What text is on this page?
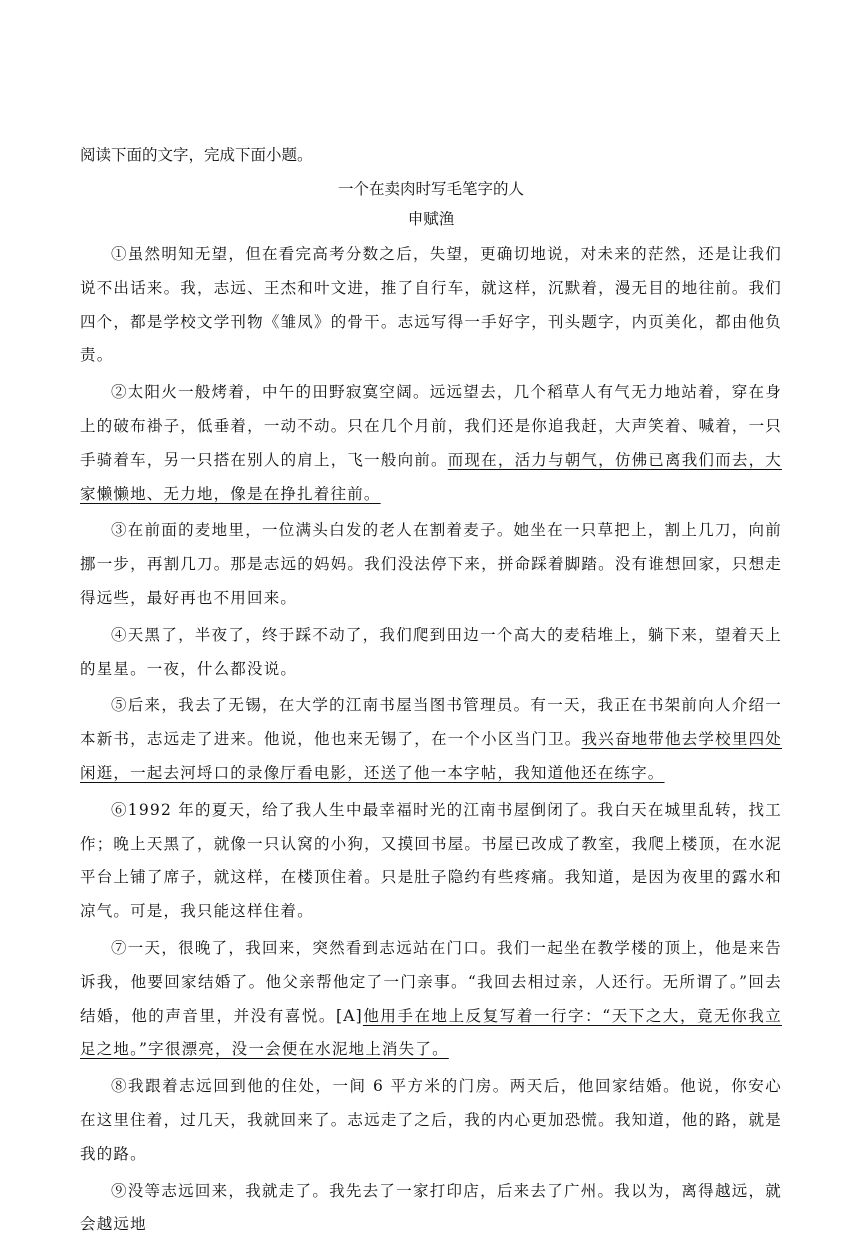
阅读下面的文字，完成下面小题。

一个在卖肉时写毛笔字的人

申赋渔

①虽然明知无望，但在看完高考分数之后，失望，更确切地说，对未来的茫然，还是让我们说不出话来。我，志远、王杰和叶文进，推了自行车，就这样，沉默着，漫无目的地往前。我们四个，都是学校文学刊物《雏凤》的骨干。志远写得一手好字，刊头题字，内页美化，都由他负责。

②太阳火一般烤着，中午的田野寂寞空阔。远远望去，几个稻草人有气无力地站着，穿在身上的破布褂子，低垂着，一动不动。只在几个月前，我们还是你追我赶，大声笑着、喊着，一只手骑着车，另一只搭在别人的肩上，飞一般向前。而现在，活力与朝气，仿佛已离我们而去，大家懒懒地、无力地，像是在挣扎着往前。

③在前面的麦地里，一位满头白发的老人在割着麦子。她坐在一只草把上，割上几刀，向前挪一步，再割几刀。那是志远的妈妈。我们没法停下来，拼命踩着脚踏。没有谁想回家，只想走得远些，最好再也不用回来。

④天黑了，半夜了，终于踩不动了，我们爬到田边一个高大的麦秸堆上，躺下来，望着天上的星星。一夜，什么都没说。

⑤后来，我去了无锡，在大学的江南书屋当图书管理员。有一天，我正在书架前向人介绍一本新书，志远走了进来。他说，他也来无锡了，在一个小区当门卫。我兴奋地带他去学校里四处闲逛，一起去河埒口的录像厅看电影，还送了他一本字帖，我知道他还在练字。

⑥1992 年的夏天，给了我人生中最幸福时光的江南书屋倒闭了。我白天在城里乱转，找工作；晚上天黑了，就像一只认窝的小狗，又摸回书屋。书屋已改成了教室，我爬上楼顶，在水泥平台上铺了席子，就这样，在楼顶住着。只是肚子隐约有些疼痛。我知道，是因为夜里的露水和凉气。可是，我只能这样住着。

⑦一天，很晚了，我回来，突然看到志远站在门口。我们一起坐在教学楼的顶上，他是来告诉我，他要回家结婚了。他父亲帮他定了一门亲事。“我回去相过亲，人还行。无所谓了。”回去结婚，他的声音里，并没有喜悦。[A]他用手在地上反复写着一行字：“天下之大，竟无你我立足之地。”字很漂亮，没一会便在水泥地上消失了。

⑧我跟着志远回到他的住处，一间 6 平方米的门房。两天后，他回家结婚。他说，你安心在这里住着，过几天，我就回来了。志远走了之后，我的内心更加恐慌。我知道，他的路，就是我的路。

⑨没等志远回来，我就走了。我先去了一家打印店，后来去了广州。我以为，离得越远，就会越远地
